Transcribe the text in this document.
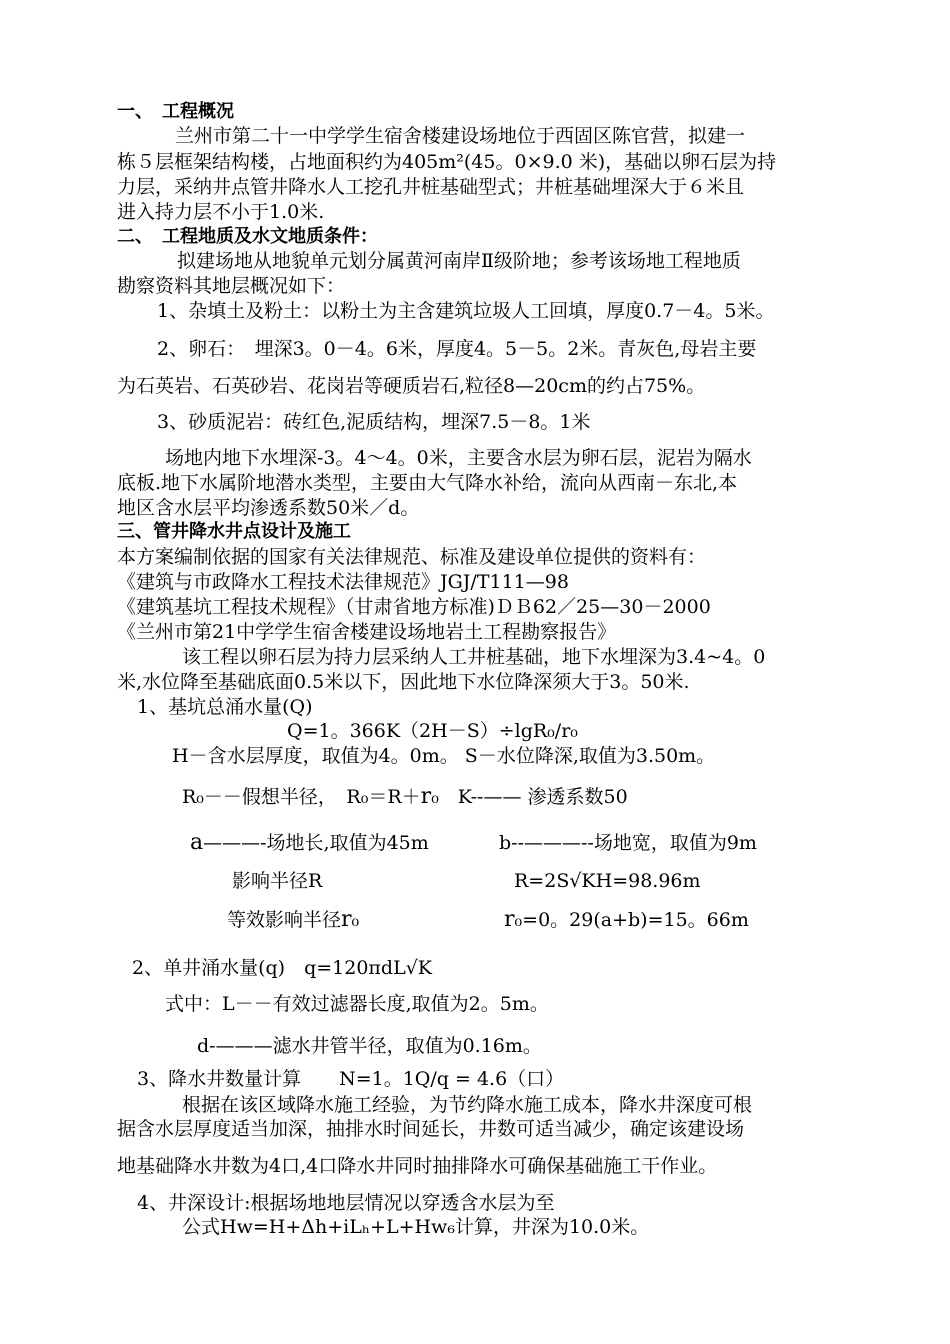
一、　工程概况
兰州市第二十一中学学生宿舍楼建设场地位于西固区陈官营，拟建一
栋５层框架结构楼，占地面积约为405m²(45。0×9.0 米)，基础以卵石层为持
力层，采纳井点管井降水人工挖孔井桩基础型式；井桩基础埋深大于６米且
进入持力层不小于1.0米.
二、　工程地质及水文地质条件：
拟建场地从地貌单元划分属黄河南岸Ⅱ级阶地；参考该场地工程地质
勘察资料其地层概况如下：
1、杂填土及粉土：以粉土为主含建筑垃圾人工回填，厚度0.7－4。5米。
2、卵石：　埋深3。0－4。6米，厚度4。5－5。2米。青灰色,母岩主要
为石英岩、石英砂岩、花岗岩等硬质岩石,粒径8—20cm的约占75%。
3、砂质泥岩：砖红色,泥质结构，埋深7.5－8。1米
场地内地下水埋深-3。4～4。0米，主要含水层为卵石层，泥岩为隔水
底板.地下水属阶地潜水类型，主要由大气降水补给，流向从西南－东北,本
地区含水层平均渗透系数50米／d。
三、管井降水井点设计及施工
本方案编制依据的国家有关法律规范、标准及建设单位提供的资料有：
《建筑与市政降水工程技术法律规范》JGJ/T111—98
《建筑基坑工程技术规程》（甘肃省地方标准)ＤＢ62／25—30－2000
《兰州市第21中学学生宿舍楼建设场地岩土工程勘察报告》
该工程以卵石层为持力层采纳人工井桩基础，地下水埋深为3.4~4。0
米,水位降至基础底面0.5米以下，因此地下水位降深须大于3。50米.
1、基坑总涌水量(Q)
Q=1。366K（2H－S）÷lgR₀/r₀
H－含水层厚度，取值为4。0m。 S－水位降深,取值为3.50m。
R₀－－假想半径，　R₀＝R＋r₀　K--—— 渗透系数50
a———-场地长,取值为45m	b--———--场地宽，取值为9m
影响半径R	R=2S√KH=98.96m
等效影响半径r₀	r₀=0。29(a+b)=15。66m
2、单井涌水量(q)　q=120πdL√K
式中：L－－有效过滤器长度,取值为2。5m。
d-———滤水井管半径，取值为0.16m。
3、降水井数量计算　　N=1。1Q/q = 4.6（口）
根据在该区域降水施工经验，为节约降水施工成本，降水井深度可根
据含水层厚度适当加深，抽排水时间延长，井数可适当减少，确定该建设场
地基础降水井数为4口,4口降水井同时抽排降水可确保基础施工干作业。
4、井深设计:根据场地地层情况以穿透含水层为至
公式Hw=H+Δh+iLₕ+L+Hw₆计算，井深为10.0米。
